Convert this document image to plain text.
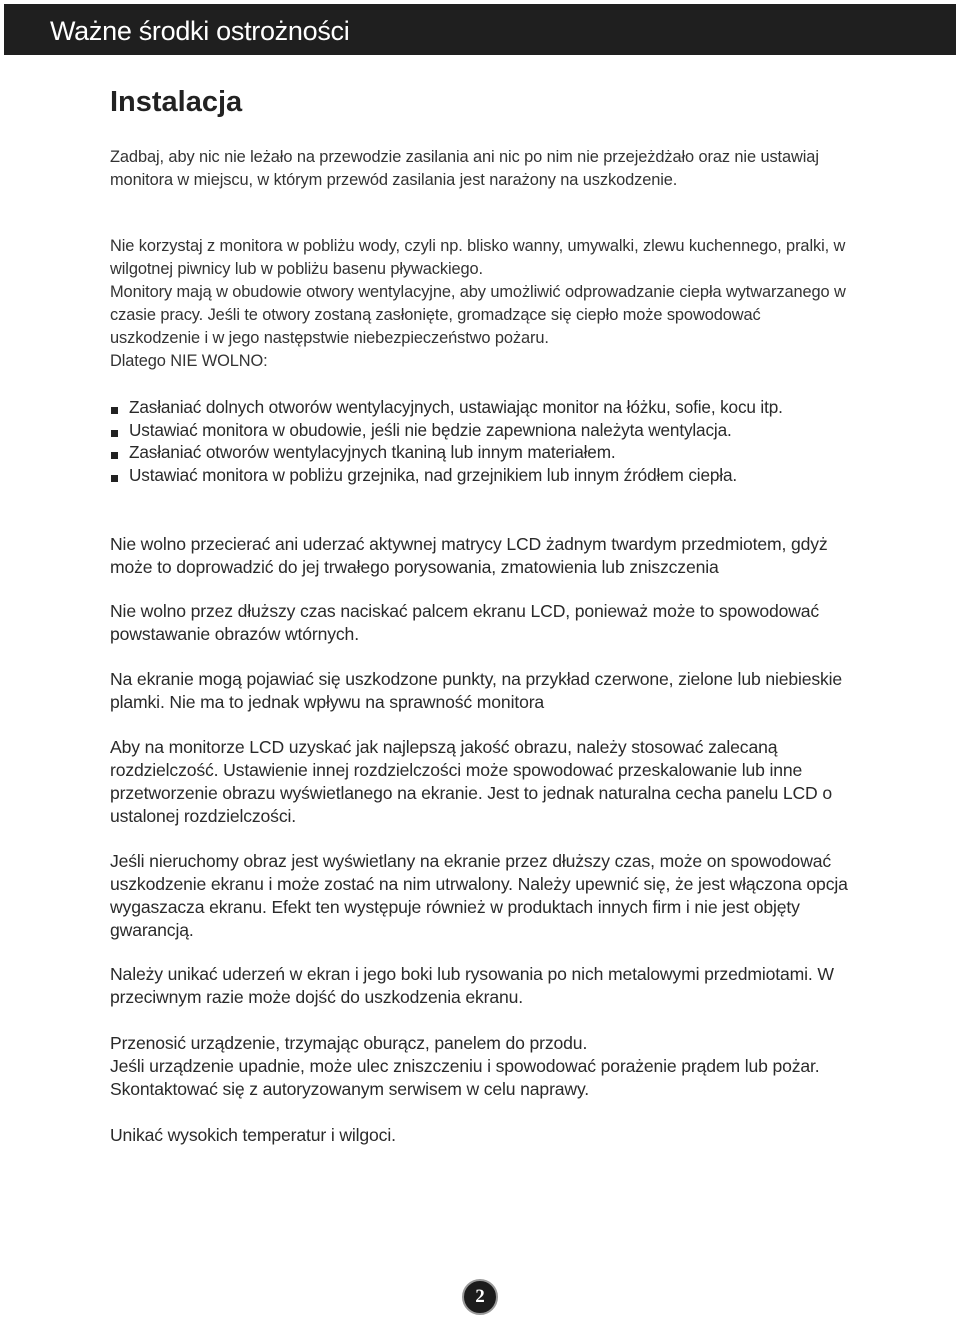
Ważne środki ostrożności
Instalacja

Zadbaj, aby nic nie leżało na przewodzie zasilania ani nic po nim nie przejeżdżało oraz nie ustawiaj monitora w miejscu, w którym przewód zasilania jest narażony na uszkodzenie.

Nie korzystaj z monitora w pobliżu wody, czyli np. blisko wanny, umywalki, zlewu kuchennego, pralki, w wilgotnej piwnicy lub w pobliżu basenu pływackiego.
Monitory mają w obudowie otwory wentylacyjne, aby umożliwić odprowadzanie ciepła wytwarzanego w czasie pracy. Jeśli te otwory zostaną zasłonięte, gromadzące się ciepło może spowodować uszkodzenie i w jego następstwie niebezpieczeństwo pożaru.
Dlatego NIE WOLNO:

Zasłaniać dolnych otworów wentylacyjnych, ustawiając monitor na łóżku, sofie, kocu itp.
Ustawiać monitora w obudowie, jeśli nie będzie zapewniona należyta wentylacja.
Zasłaniać otworów wentylacyjnych tkaniną lub innym materiałem.
Ustawiać monitora w pobliżu grzejnika, nad grzejnikiem lub innym źródłem ciepła.

Nie wolno przecierać ani uderzać aktywnej matrycy LCD żadnym twardym przedmiotem, gdyż może to doprowadzić do jej trwałego porysowania, zmatowienia lub zniszczenia

Nie wolno przez dłuższy czas naciskać palcem ekranu LCD, ponieważ może to spowodować powstawanie obrazów wtórnych.

Na ekranie mogą pojawiać się uszkodzone punkty, na przykład czerwone, zielone lub niebieskie plamki. Nie ma to jednak wpływu na sprawność monitora

Aby na monitorze LCD uzyskać jak najlepszą jakość obrazu, należy stosować zalecaną rozdzielczość. Ustawienie innej rozdzielczości może spowodować przeskalowanie lub inne przetworzenie obrazu wyświetlanego na ekranie. Jest to jednak naturalna cecha panelu LCD o ustalonej rozdzielczości.

Jeśli nieruchomy obraz jest wyświetlany na ekranie przez dłuższy czas, może on spowodować uszkodzenie ekranu i może zostać na nim utrwalony. Należy upewnić się, że jest włączona opcja wygaszacza ekranu. Efekt ten występuje również w produktach innych firm i nie jest objęty gwarancją.

Należy unikać uderzeń w ekran i jego boki lub rysowania po nich metalowymi przedmiotami. W przeciwnym razie może dojść do uszkodzenia ekranu.

Przenosić urządzenie, trzymając oburącz, panelem do przodu.
Jeśli urządzenie upadnie, może ulec zniszczeniu i spowodować porażenie prądem lub pożar. Skontaktować się z autoryzowanym serwisem w celu naprawy.

Unikać wysokich temperatur i wilgoci.

2
